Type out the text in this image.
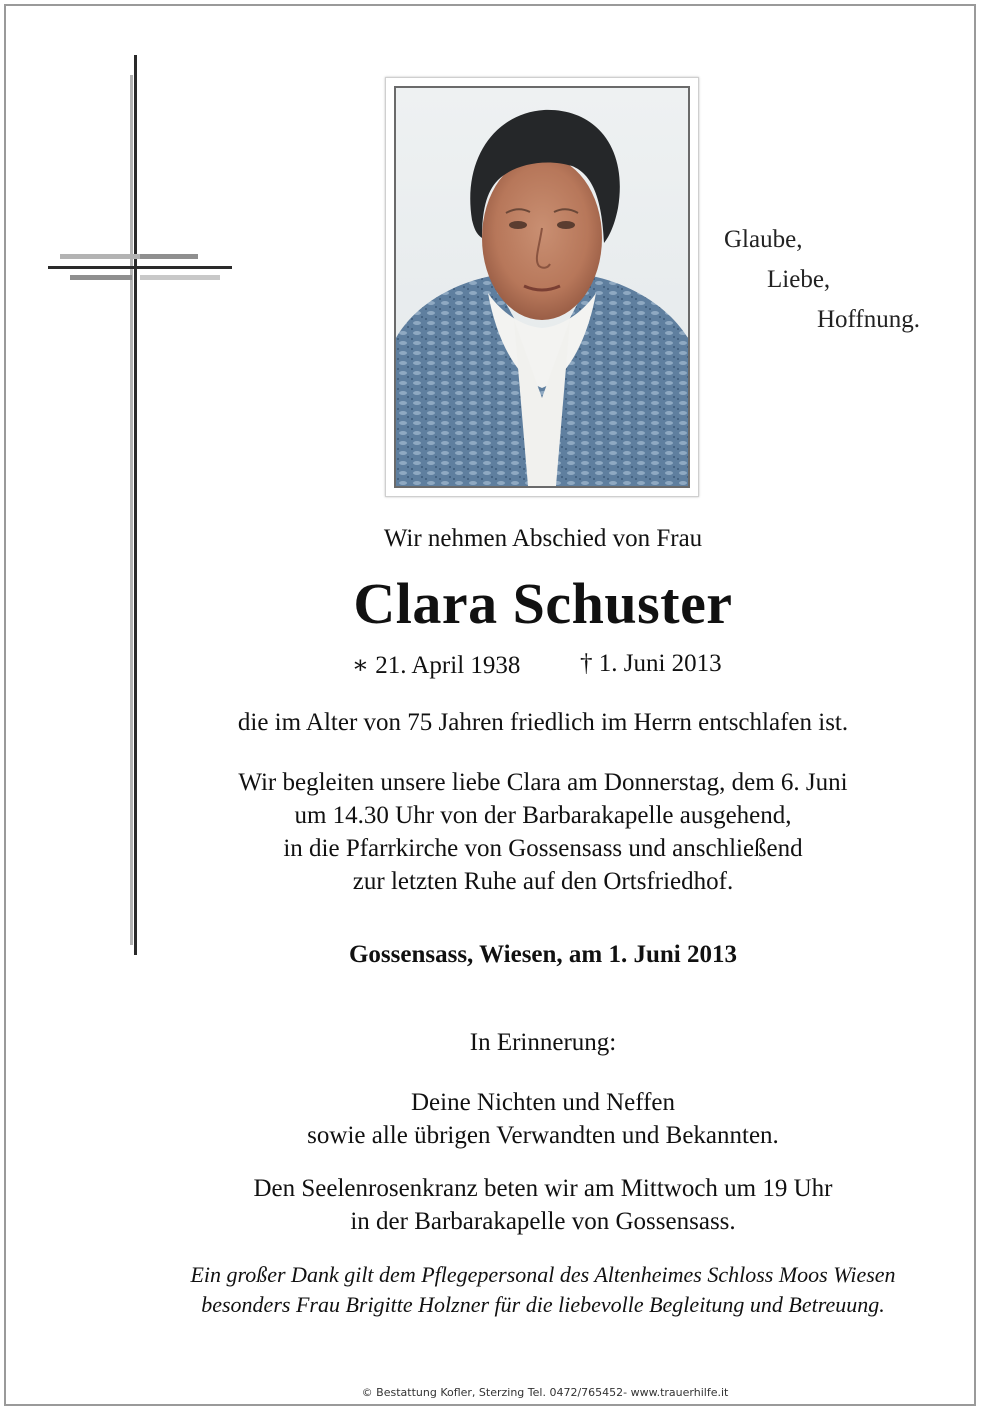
Glaube,
Liebe,
Hoffnung.
Wir nehmen Abschied von Frau
Clara Schuster
∗ 21. April 1938 † 1. Juni 2013
die im Alter von 75 Jahren friedlich im Herrn entschlafen ist.
Wir begleiten unsere liebe Clara am Donnerstag, dem 6. Juni
um 14.30 Uhr von der Barbarakapelle ausgehend,
in die Pfarrkirche von Gossensass und anschließend
zur letzten Ruhe auf den Ortsfriedhof.
Gossensass, Wiesen, am 1. Juni 2013
In Erinnerung:
Deine Nichten und Neffen
sowie alle übrigen Verwandten und Bekannten.
Den Seelenrosenkranz beten wir am Mittwoch um 19 Uhr
in der Barbarakapelle von Gossensass.
Ein großer Dank gilt dem Pflegepersonal des Altenheimes Schloss Moos Wiesen
besonders Frau Brigitte Holzner für die liebevolle Begleitung und Betreuung.
© Bestattung Kofler, Sterzing Tel. 0472/765452- www.trauerhilfe.it
